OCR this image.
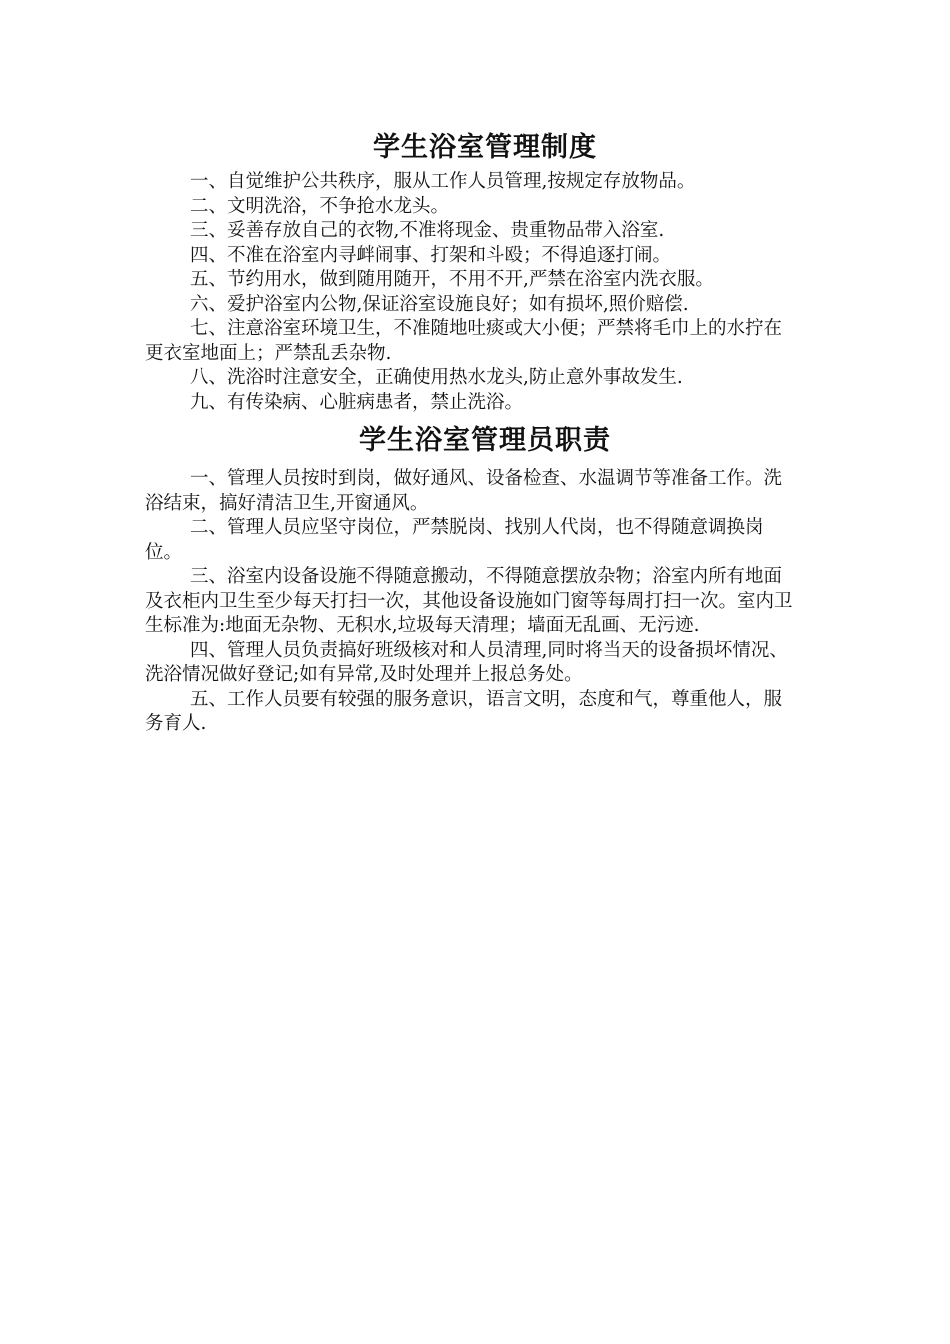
学生浴室管理制度

一、自觉维护公共秩序，服从工作人员管理,按规定存放物品。

二、文明洗浴，不争抢水龙头。

三、妥善存放自己的衣物,不准将现金、贵重物品带入浴室.

四、不准在浴室内寻衅闹事、打架和斗殴；不得追逐打闹。

五、节约用水，做到随用随开，不用不开,严禁在浴室内洗衣服。

六、爱护浴室内公物,保证浴室设施良好；如有损坏,照价赔偿.

七、注意浴室环境卫生，不准随地吐痰或大小便；严禁将毛巾上的水拧在更衣室地面上；严禁乱丢杂物.

八、洗浴时注意安全，正确使用热水龙头,防止意外事故发生.

九、有传染病、心脏病患者，禁止洗浴。

学生浴室管理员职责

一、管理人员按时到岗，做好通风、设备检查、水温调节等准备工作。洗浴结束，搞好清洁卫生,开窗通风。

二、管理人员应坚守岗位，严禁脱岗、找别人代岗，也不得随意调换岗位。

三、浴室内设备设施不得随意搬动，不得随意摆放杂物；浴室内所有地面及衣柜内卫生至少每天打扫一次，其他设备设施如门窗等每周打扫一次。室内卫生标准为:地面无杂物、无积水,垃圾每天清理；墙面无乱画、无污迹.

四、管理人员负责搞好班级核对和人员清理,同时将当天的设备损坏情况、洗浴情况做好登记;如有异常,及时处理并上报总务处。

五、工作人员要有较强的服务意识，语言文明，态度和气，尊重他人，服务育人.
